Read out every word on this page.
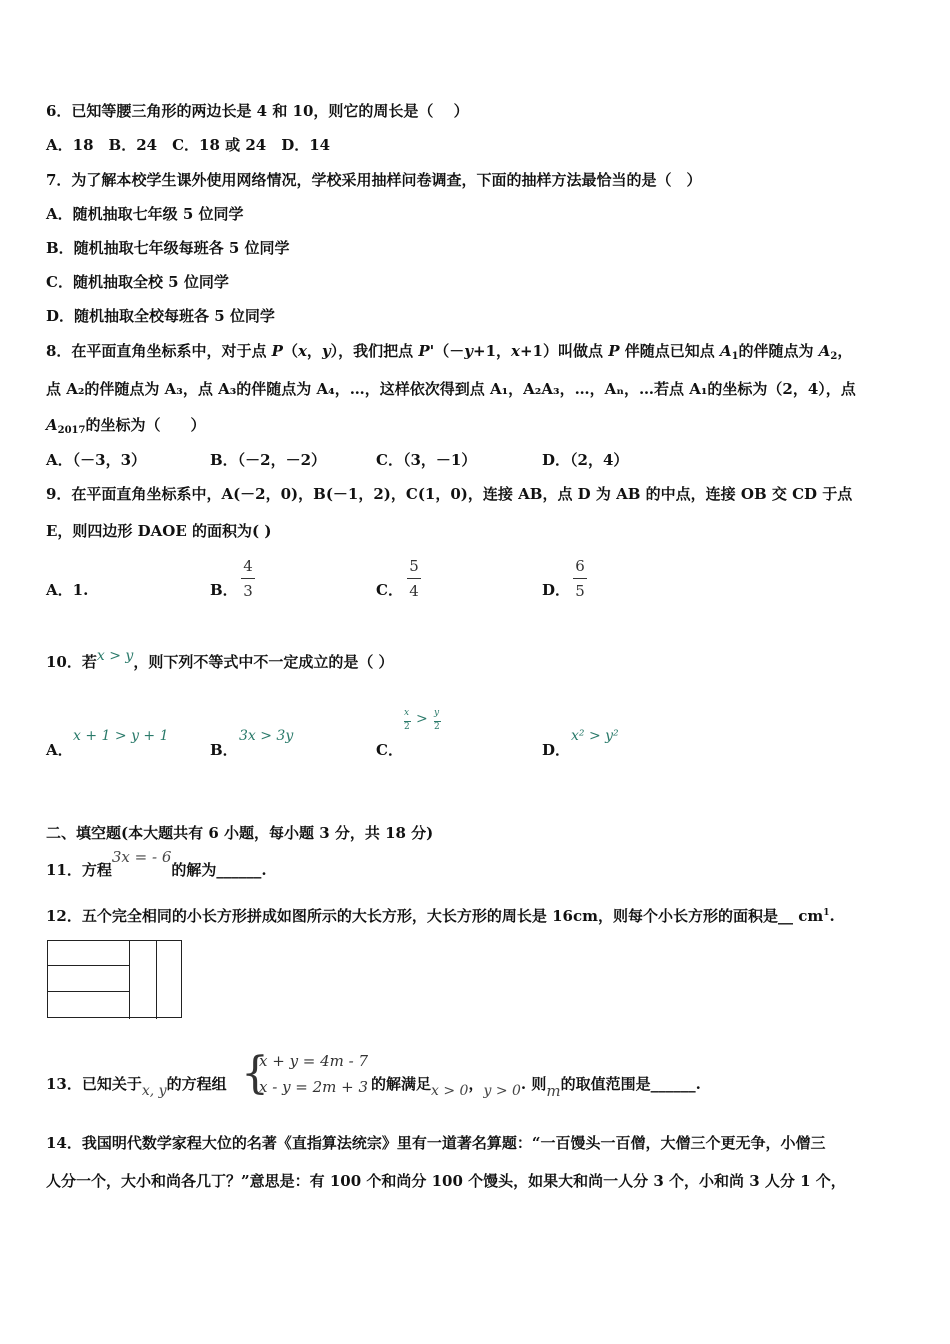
6．已知等腰三角形的两边长是 4 和 10，则它的周长是（　 ）
A．18　B．24　C．18 或 24　D．14
7．为了解本校学生课外使用网络情况，学校采用抽样问卷调查，下面的抽样方法最恰当的是（　）
A．随机抽取七年级 5 位同学
B．随机抽取七年级每班各 5 位同学
C．随机抽取全校 5 位同学
D．随机抽取全校每班各 5 位同学
8．在平面直角坐标系中，对于点 P（x，y），我们把点 P'（－y+1，x+1）叫做点 P 伴随点已知点 $A_1$的伴随点为 $A_2$，
点 A₂的伴随点为 A₃，点 A₃的伴随点为 A₄，…，这样依次得到点 A₁，A₂A₃，…，Aₙ，…若点 A₁的坐标为（2，4），点
$A_{2017}$的坐标为（　　）
A．（－3，3）	B．（－2，－2）	C．（3，－1）	D．（2，4）
9．在平面直角坐标系中，A(－2，0)，B(－1，2)，C(1，0)，连接 AB，点 D 为 AB 的中点，连接 OB 交 CD 于点
E，则四边形 DAOE 的面积为( )
A．1.	B．
4
3	C．
5
4	D．
6
5
10．若x > y，则下列不等式中不一定成立的是（ ）
A．
x + 1 > y + 1
B．
3x > 3y
C．
x
2 > y
2
D．
x² > y²
二、填空题(本大题共有 6 小题，每小题 3 分，共 18 分)
11．方程3x = - 6的解为______.
12．五个完全相同的小长方形拼成如图所示的大长方形，大长方形的周长是 16cm，则每个小长方形的面积是__ $cm^1$.
13．已知关于x, y的方程组 {
x + y = 4m - 7
x - y = 2m + 3 的解满足x > 0，y > 0. 则m的取值范围是______.
14．我国明代数学家程大位的名著《直指算法统宗》里有一道著名算题：“一百馒头一百僧，大僧三个更无争，小僧三
人分一个，大小和尚各几丁？”意思是：有 100 个和尚分 100 个馒头，如果大和尚一人分 3 个，小和尚 3 人分 1 个，
